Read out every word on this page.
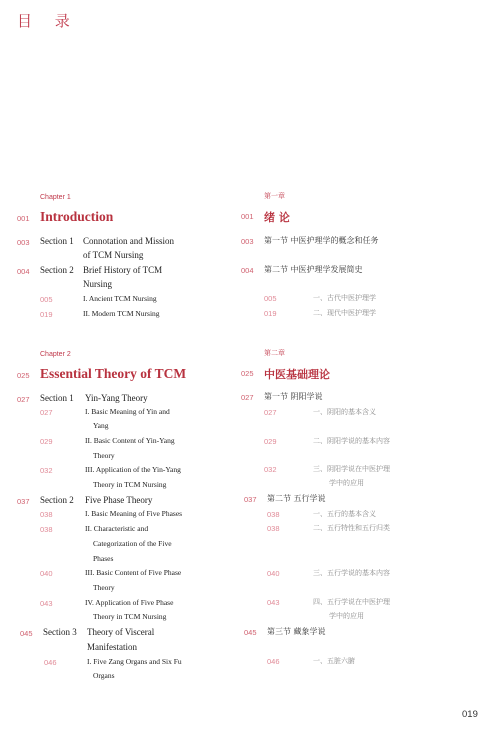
目 录
Chapter 1
001 Introduction
003 Section 1 Connotation and Mission
of TCM Nursing
004 Section 2 Brief History of TCM
Nursing
005	I. Ancient TCM Nursing
019	II. Modern TCM Nursing
Chapter 2
025 Essential Theory of TCM
027 Section 1 Yin-Yang Theory
027	I. Basic Meaning of Yin and
Yang
029	II. Basic Content of Yin-Yang
Theory
032	III. Application of the Yin-Yang
Theory in TCM Nursing
037 Section 2 Five Phase Theory
038	I. Basic Meaning of Five Phases
038	II. Characteristic and
Categorization of the Five
Phases
040	III. Basic Content of Five Phase
Theory
043	IV. Application of Five Phase
Theory in TCM Nursing
045 Section 3 Theory of Visceral
Manifestation
046	I. Five Zang Organs and Six Fu
Organs
第一章
001 绪 论
003 第一节 中医护理学的概念和任务
004 第二节 中医护理学发展简史
005	一、古代中医护理学
019	二、现代中医护理学
第二章
025 中医基础理论
027 第一节 阴阳学说
027	一、阴阳的基本含义
029	二、阴阳学说的基本内容
032	三、阴阳学说在中医护理
学中的应用
037 第二节 五行学说
038	一、五行的基本含义
038	二、五行特性和五行归类
040	三、五行学说的基本内容
043	四、五行学说在中医护理
学中的应用
045 第三节 藏象学说
046	一、五脏六腑
019
